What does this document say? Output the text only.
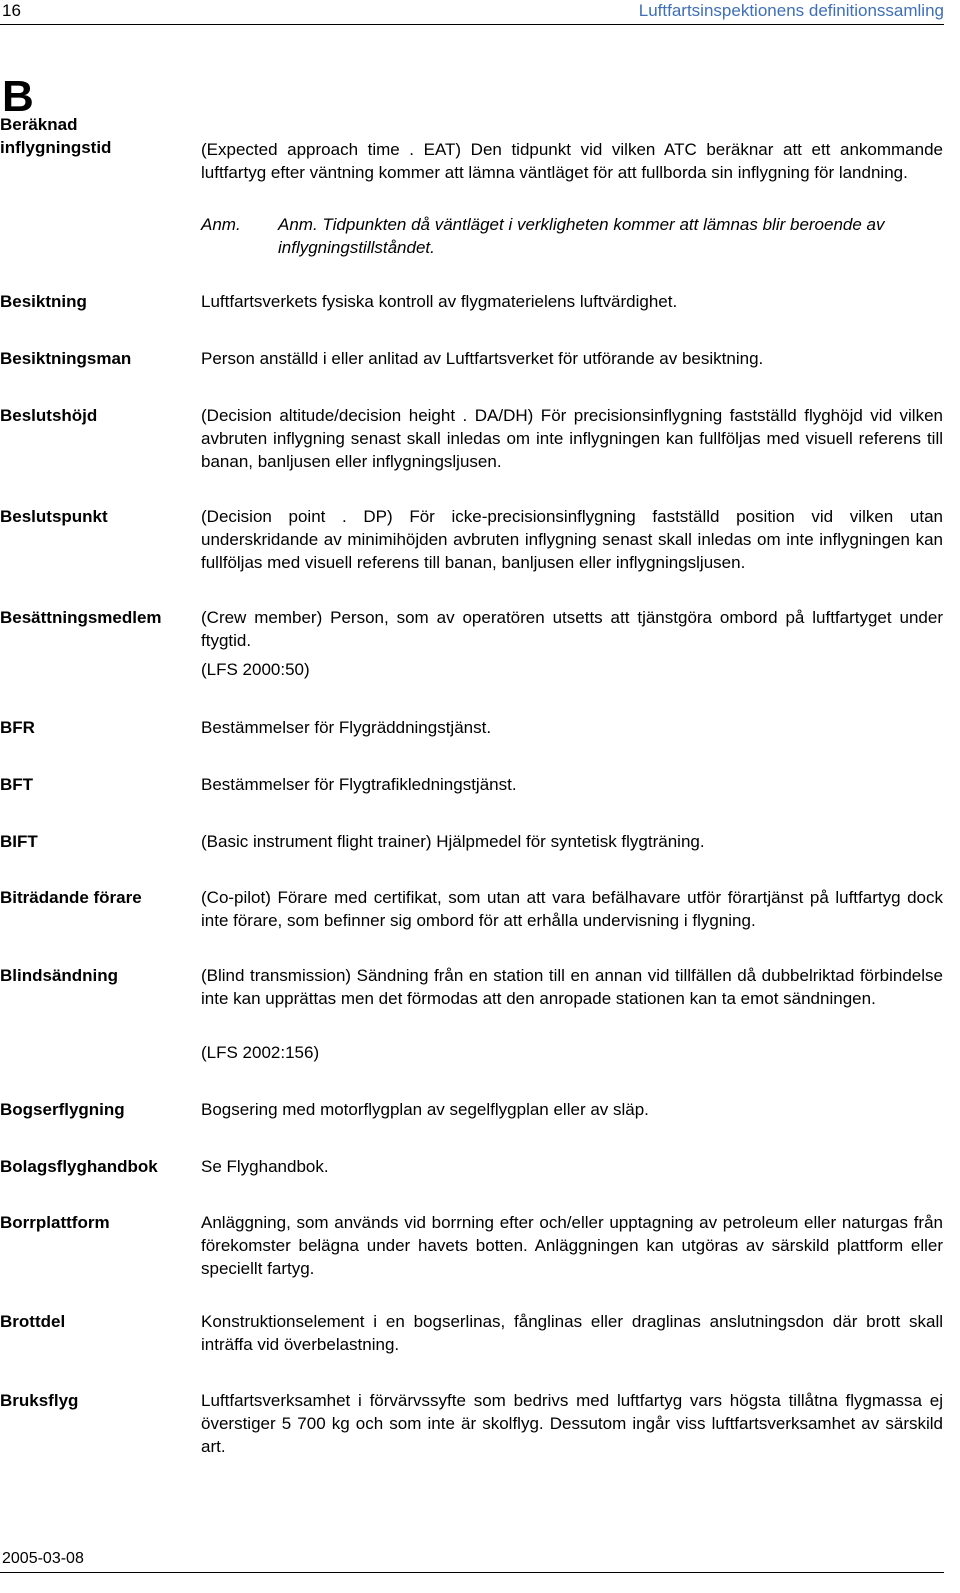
16	Luftfartsinspektionens definitionssamling
B
Beräknad inflygningstid	(Expected approach time . EAT) Den tidpunkt vid vilken ATC beräknar att ett ankommande luftfartyg efter väntning kommer att lämna väntläget för att fullborda sin inflygning för landning.
Anm. Anm. Tidpunkten då väntläget i verkligheten kommer att lämnas blir beroende av inflygningstillståndet.
Besiktning	Luftfartsverkets fysiska kontroll av flygmaterielens luftvärdighet.
Besiktningsman	Person anställd i eller anlitad av Luftfartsverket för utförande av besiktning.
Beslutshöjd	(Decision altitude/decision height . DA/DH) För precisionsinflygning fastställd flyghöjd vid vilken avbruten inflygning senast skall inledas om inte inflygningen kan fullföljas med visuell referens till banan, banljusen eller inflygningsljusen.
Beslutspunkt	(Decision point . DP) För icke-precisionsinflygning fastställd position vid vilken utan underskridande av minimihöjden avbruten inflygning senast skall inledas om inte inflygningen kan fullföljas med visuell referens till banan, banljusen eller inflygningsljusen.
Besättningsmedlem	(Crew member) Person, som av operatören utsetts att tjänstgöra ombord på luftfartyget under ftygtid.
(LFS 2000:50)
BFR	Bestämmelser för Flygräddningstjänst.
BFT	Bestämmelser för Flygtrafikledningstjänst.
BIFT	(Basic instrument flight trainer) Hjälpmedel för syntetisk flygträning.
Biträdande förare	(Co-pilot) Förare med certifikat, som utan att vara befälhavare utför förartjänst på luftfartyg dock inte förare, som befinner sig ombord för att erhålla undervisning i flygning.
Blindsändning	(Blind transmission) Sändning från en station till en annan vid tillfällen då dubbelriktad förbindelse inte kan upprättas men det förmodas att den anropade stationen kan ta emot sändningen.
(LFS 2002:156)
Bogserflygning	Bogsering med motorflygplan av segelflygplan eller av släp.
Bolagsflyghandbok	Se Flyghandbok.
Borrplattform	Anläggning, som används vid borrning efter och/eller upptagning av petroleum eller naturgas från förekomster belägna under havets botten. Anläggningen kan utgöras av särskild plattform eller speciellt fartyg.
Brottdel	Konstruktionselement i en bogserlinas, fånglinas eller draglinas anslutningsdon där brott skall inträffa vid överbelastning.
Bruksflyg	Luftfartsverksamhet i förvärvssyfte som bedrivs med luftfartyg vars högsta tillåtna flygmassa ej överstiger 5 700 kg och som inte är skolflyg. Dessutom ingår viss luftfartsverksamhet av särskild art.
2005-03-08
